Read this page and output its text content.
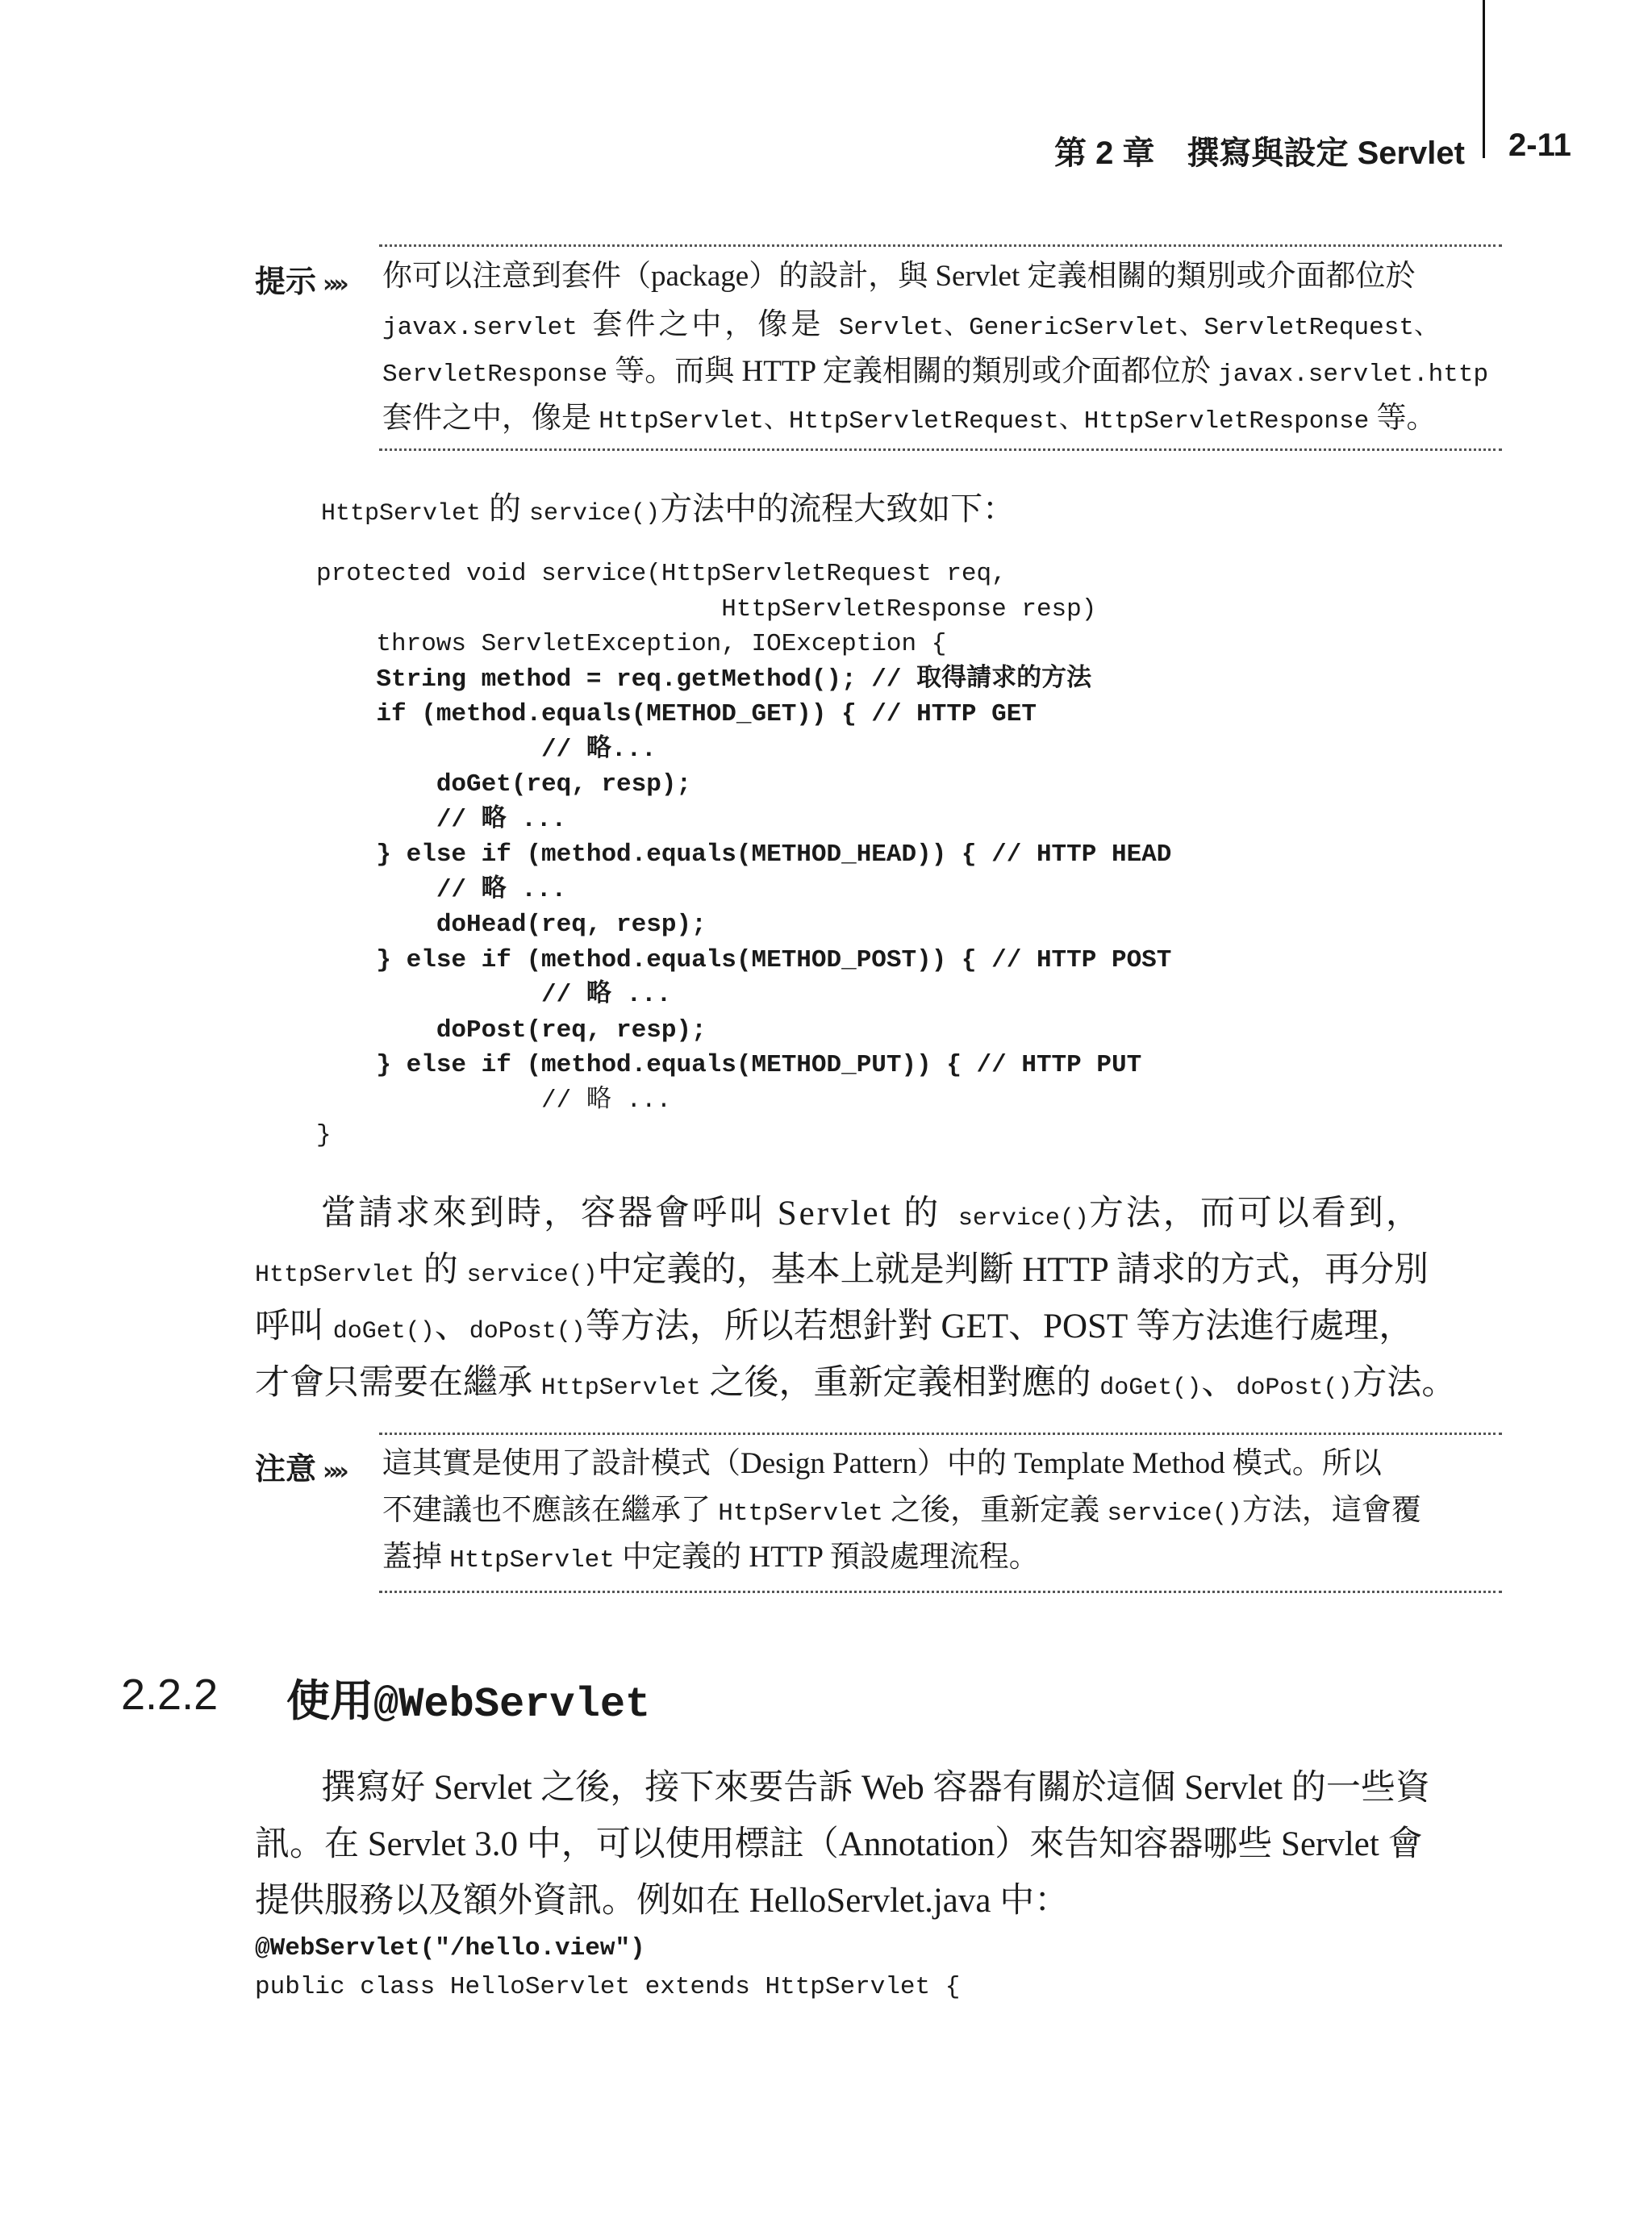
第 2 章　撰寫與設定 Servlet 2-11
提示 »» 你可以注意到套件（package）的設計，與 Servlet 定義相關的類別或介面都位於
javax.servlet 套件之中，像是 Servlet、GenericServlet、ServletRequest、
ServletResponse 等。而與 HTTP 定義相關的類別或介面都位於 javax.servlet.http
套件之中，像是 HttpServlet、HttpServletRequest、HttpServletResponse 等。
HttpServlet 的 service()方法中的流程大致如下：
protected void service(HttpServletRequest req,
HttpServletResponse resp)
throws ServletException, IOException {
String method = req.getMethod(); // 取得請求的方法
if (method.equals(METHOD_GET)) { // HTTP GET
// 略...
doGet(req, resp);
// 略 ...
} else if (method.equals(METHOD_HEAD)) { // HTTP HEAD
// 略 ...
doHead(req, resp);
} else if (method.equals(METHOD_POST)) { // HTTP POST
// 略 ...
doPost(req, resp);
} else if (method.equals(METHOD_PUT)) { // HTTP PUT
// 略 ...
}
當請求來到時，容器會呼叫 Servlet 的 service()方法，而可以看到，
HttpServlet 的 service()中定義的，基本上就是判斷 HTTP 請求的方式，再分別
呼叫 doGet()、doPost()等方法，所以若想針對 GET、POST 等方法進行處理，
才會只需要在繼承 HttpServlet 之後，重新定義相對應的 doGet()、doPost()方法。
注意 »» 這其實是使用了設計模式（Design Pattern）中的 Template Method 模式。所以
不建議也不應該在繼承了 HttpServlet 之後，重新定義 service()方法，這會覆
蓋掉 HttpServlet 中定義的 HTTP 預設處理流程。
2.2.2 使用@WebServlet
撰寫好 Servlet 之後，接下來要告訴 Web 容器有關於這個 Servlet 的一些資
訊。在 Servlet 3.0 中，可以使用標註（Annotation）來告知容器哪些 Servlet 會
提供服務以及額外資訊。例如在 HelloServlet.java 中：
@WebServlet("/hello.view")
public class HelloServlet extends HttpServlet {
